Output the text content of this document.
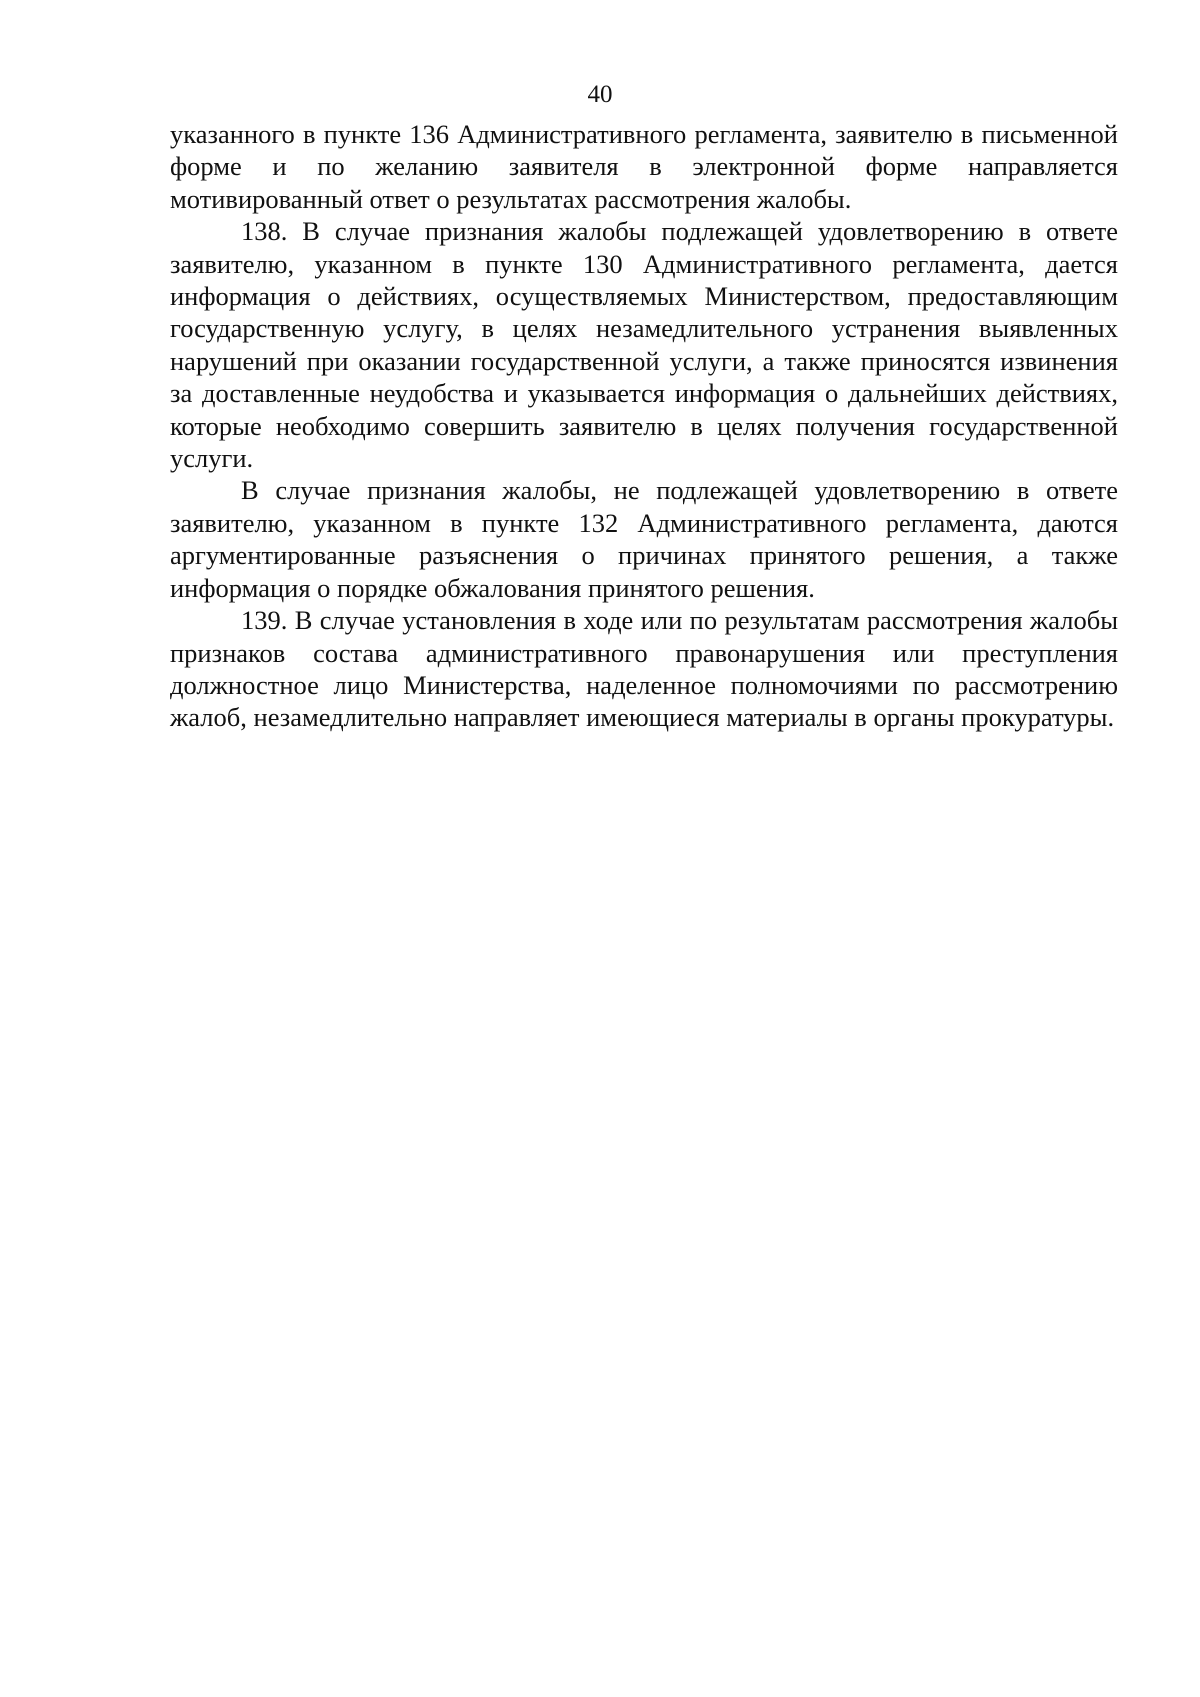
40

указанного в пункте 136 Административного регламента, заявителю в письменной форме и по желанию заявителя в электронной форме направляется мотивированный ответ о результатах рассмотрения жалобы.

138. В случае признания жалобы подлежащей удовлетворению в ответе заявителю, указанном в пункте 130 Административного регламента, дается информация о действиях, осуществляемых Министерством, предоставляющим государственную услугу, в целях незамедлительного устранения выявленных нарушений при оказании государственной услуги, а также приносятся извинения за доставленные неудобства и указывается информация о дальнейших действиях, которые необходимо совершить заявителю в целях получения государственной услуги.

В случае признания жалобы, не подлежащей удовлетворению в ответе заявителю, указанном в пункте 132 Административного регламента, даются аргументированные разъяснения о причинах принятого решения, а также информация о порядке обжалования принятого решения.

139. В случае установления в ходе или по результатам рассмотрения жалобы признаков состава административного правонарушения или преступления должностное лицо Министерства, наделенное полномочиями по рассмотрению жалоб, незамедлительно направляет имеющиеся материалы в органы прокуратуры.
